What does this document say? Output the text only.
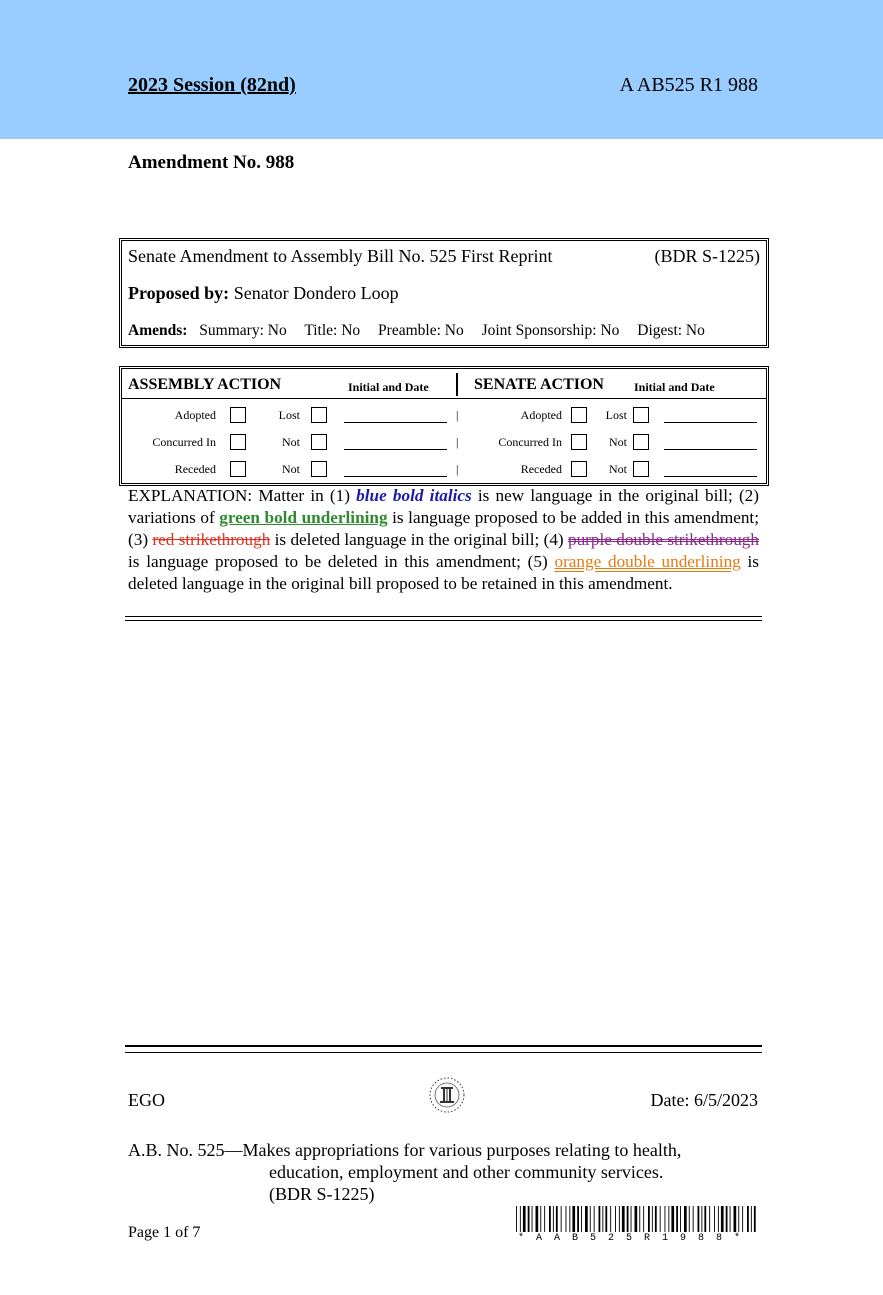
2023 Session (82nd)	A AB525 R1 988
Amendment No. 988
Senate Amendment to Assembly Bill No. 525 First Reprint	(BDR S-1225)
Proposed by: Senator Dondero Loop
Amends: Summary: No Title: No Preamble: No Joint Sponsorship: No Digest: No
ASSEMBLY ACTION	Initial and Date	SENATE ACTION	Initial and Date
Adopted	Lost	|	Adopted	Lost
Concurred In	Not	|	Concurred In	Not
Receded	Not	|	Receded	Not
EXPLANATION: Matter in (1) blue bold italics is new language in the original bill; (2) variations of green bold underlining is language proposed to be added in this amendment; (3) red strikethrough is deleted language in the original bill; (4) purple double strikethrough is language proposed to be deleted in this amendment; (5) orange double underlining is deleted language in the original bill proposed to be retained in this amendment.
EGO	Date: 6/5/2023
A.B. No. 525—Makes appropriations for various purposes relating to health,
education, employment and other community services.
(BDR S-1225)
Page 1 of 7	* A A B 5 2 5 R 1 9 8 8 *
